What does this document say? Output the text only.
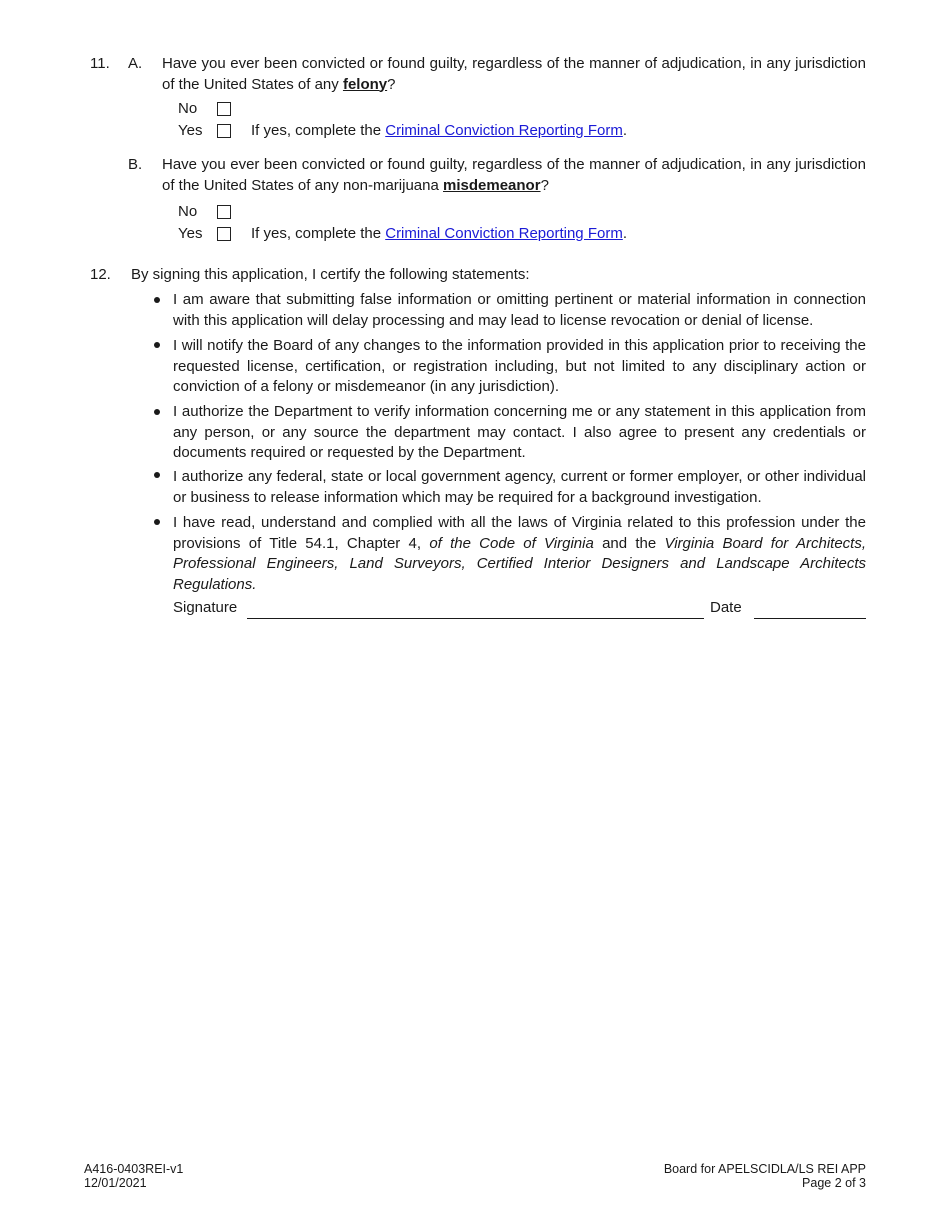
11. A. Have you ever been convicted or found guilty, regardless of the manner of adjudication, in any jurisdiction of the United States of any felony?
No
Yes	If yes, complete the Criminal Conviction Reporting Form.
B. Have you ever been convicted or found guilty, regardless of the manner of adjudication, in any jurisdiction of the United States of any non-marijuana misdemeanor?
No
Yes	If yes, complete the Criminal Conviction Reporting Form.
12. By signing this application, I certify the following statements:
I am aware that submitting false information or omitting pertinent or material information in connection with this application will delay processing and may lead to license revocation or denial of license.
I will notify the Board of any changes to the information provided in this application prior to receiving the requested license, certification, or registration including, but not limited to any disciplinary action or conviction of a felony or misdemeanor (in any jurisdiction).
I authorize the Department to verify information concerning me or any statement in this application from any person, or any source the department may contact. I also agree to present any credentials or documents required or requested by the Department.
I authorize any federal, state or local government agency, current or former employer, or other individual or business to release information which may be required for a background investigation.
I have read, understand and complied with all the laws of Virginia related to this profession under the provisions of Title 54.1, Chapter 4, of the Code of Virginia and the Virginia Board for Architects, Professional Engineers, Land Surveyors, Certified Interior Designers and Landscape Architects Regulations.
Signature	Date
A416-0403REI-v1
12/01/2021
Board for APELSCIDLA/LS REI APP
Page 2 of 3
